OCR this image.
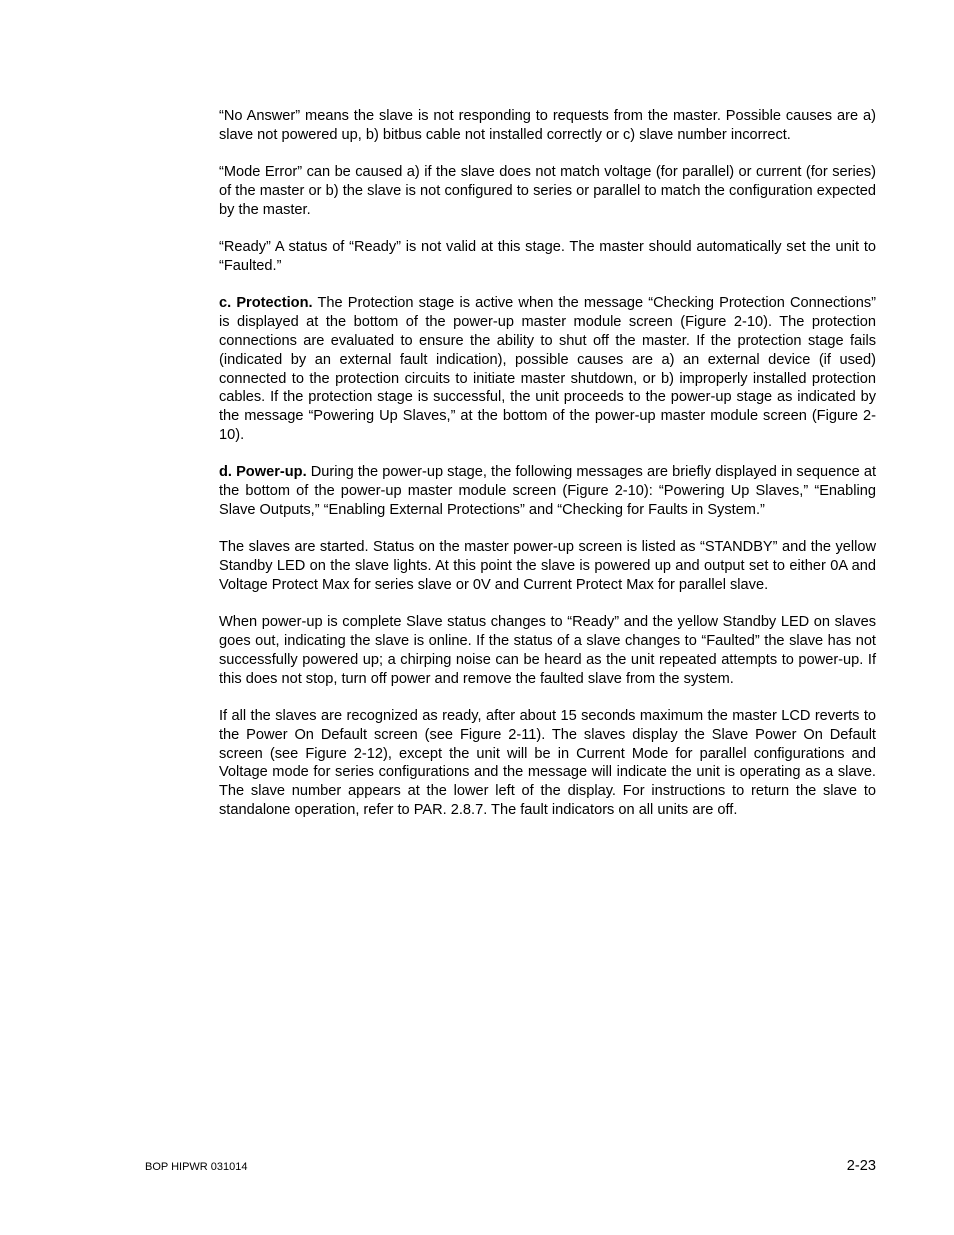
“No Answer” means the slave is not responding to requests from the master. Possible causes are a) slave not powered up, b) bitbus cable not installed correctly or c) slave number incorrect.

“Mode Error” can be caused a) if the slave does not match voltage (for parallel) or current (for series) of the master or b) the slave is not configured to series or parallel to match the configuration expected by the master.

“Ready” A status of “Ready” is not valid at this stage. The master should automatically set the unit to “Faulted.”

c. Protection. The Protection stage is active when the message “Checking Protection Connections” is displayed at the bottom of the power-up master module screen (Figure 2-10). The protection connections are evaluated to ensure the ability to shut off the master. If the protection stage fails (indicated by an external fault indication), possible causes are a) an external device (if used) connected to the protection circuits to initiate master shutdown, or b) improperly installed protection cables. If the protection stage is successful, the unit proceeds to the power-up stage as indicated by the message “Powering Up Slaves,” at the bottom of the power-up master module screen (Figure 2-10).

d. Power-up. During the power-up stage, the following messages are briefly displayed in sequence at the bottom of the power-up master module screen (Figure 2-10): “Powering Up Slaves,” “Enabling Slave Outputs,” “Enabling External Protections” and “Checking for Faults in System.”

The slaves are started. Status on the master power-up screen is listed as “STANDBY” and the yellow Standby LED on the slave lights. At this point the slave is powered up and output set to either 0A and Voltage Protect Max for series slave or 0V and Current Protect Max for parallel slave.

When power-up is complete Slave status changes to “Ready” and the yellow Standby LED on slaves goes out, indicating the slave is online. If the status of a slave changes to “Faulted” the slave has not successfully powered up; a chirping noise can be heard as the unit repeated attempts to power-up. If this does not stop, turn off power and remove the faulted slave from the system.

If all the slaves are recognized as ready, after about 15 seconds maximum the master LCD reverts to the Power On Default screen (see Figure 2-11). The slaves display the Slave Power On Default screen (see Figure 2-12), except the unit will be in Current Mode for parallel configurations and Voltage mode for series configurations and the message will indicate the unit is operating as a slave. The slave number appears at the lower left of the display. For instructions to return the slave to standalone operation, refer to PAR. 2.8.7. The fault indicators on all units are off.

BOP HIPWR 031014	2-23
